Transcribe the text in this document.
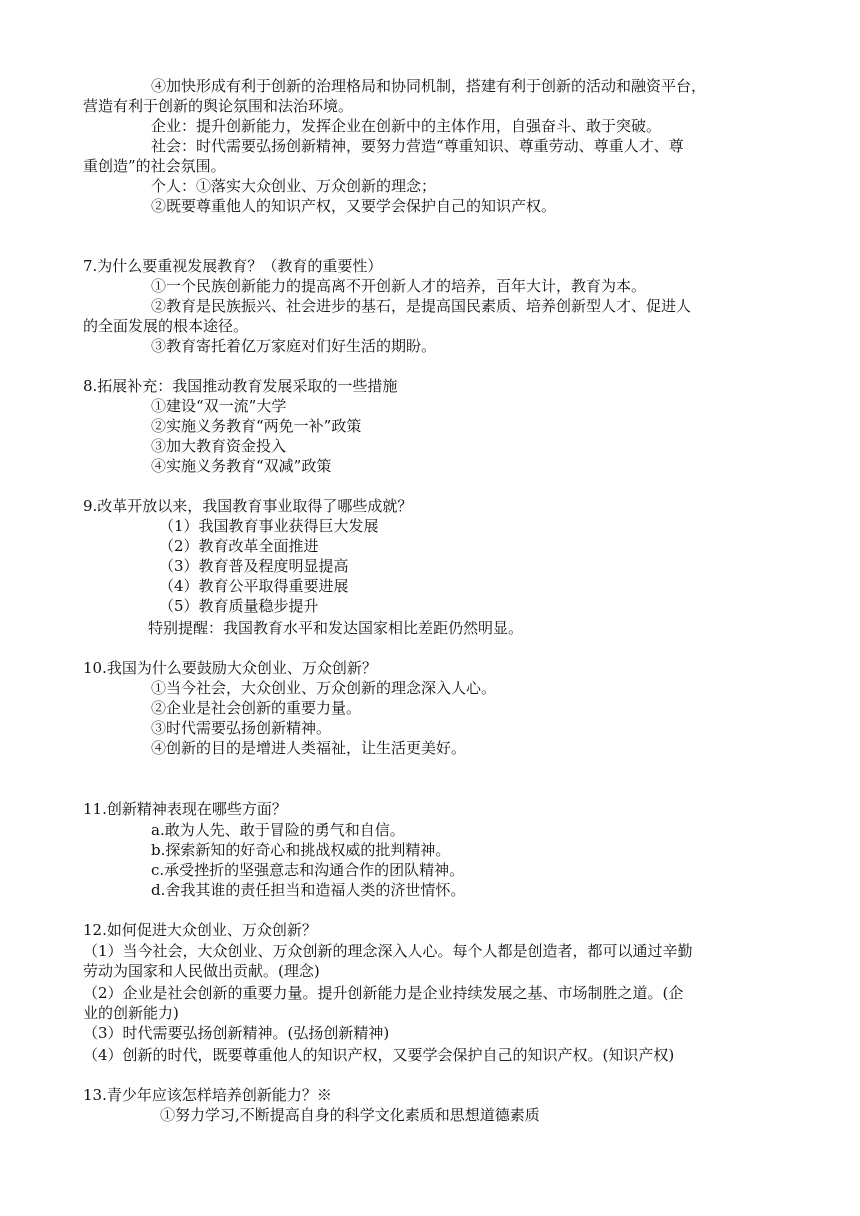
④加快形成有利于创新的治理格局和协同机制，搭建有利于创新的活动和融资平台，
营造有利于创新的舆论氛围和法治环境。
企业：提升创新能力，发挥企业在创新中的主体作用，自强奋斗、敢于突破。
社会：时代需要弘扬创新精神，要努力营造“尊重知识、尊重劳动、尊重人才、尊
重创造”的社会氛围。
个人：①落实大众创业、万众创新的理念；
②既要尊重他人的知识产权，又要学会保护自己的知识产权。
7.为什么要重视发展教育？（教育的重要性）
①一个民族创新能力的提高离不开创新人才的培养，百年大计，教育为本。
②教育是民族振兴、社会进步的基石，是提高国民素质、培养创新型人才、促进人
的全面发展的根本途径。
③教育寄托着亿万家庭对们好生活的期盼。
8.拓展补充：我国推动教育发展采取的一些措施
①建设“双一流”大学
②实施义务教育“两免一补”政策
③加大教育资金投入
④实施义务教育“双减”政策
9.改革开放以来，我国教育事业取得了哪些成就？
（1）我国教育事业获得巨大发展
（2）教育改革全面推进
（3）教育普及程度明显提高
（4）教育公平取得重要进展
（5）教育质量稳步提升
特别提醒：我国教育水平和发达国家相比差距仍然明显。
10.我国为什么要鼓励大众创业、万众创新？
①当今社会，大众创业、万众创新的理念深入人心。
②企业是社会创新的重要力量。
③时代需要弘扬创新精神。
④创新的目的是增进人类福祉，让生活更美好。
11.创新精神表现在哪些方面？
a.敢为人先、敢于冒险的勇气和自信。
b.探索新知的好奇心和挑战权威的批判精神。
c.承受挫折的坚强意志和沟通合作的团队精神。
d.舍我其谁的责任担当和造福人类的济世情怀。
12.如何促进大众创业、万众创新？
（1）当今社会，大众创业、万众创新的理念深入人心。每个人都是创造者，都可以通过辛勤
劳动为国家和人民做出贡献。(理念)
（2）企业是社会创新的重要力量。提升创新能力是企业持续发展之基、市场制胜之道。(企
业的创新能力)
（3）时代需要弘扬创新精神。(弘扬创新精神)
（4）创新的时代，既要尊重他人的知识产权，又要学会保护自己的知识产权。(知识产权)
13.青少年应该怎样培养创新能力？※
①努力学习,不断提高自身的科学文化素质和思想道德素质
